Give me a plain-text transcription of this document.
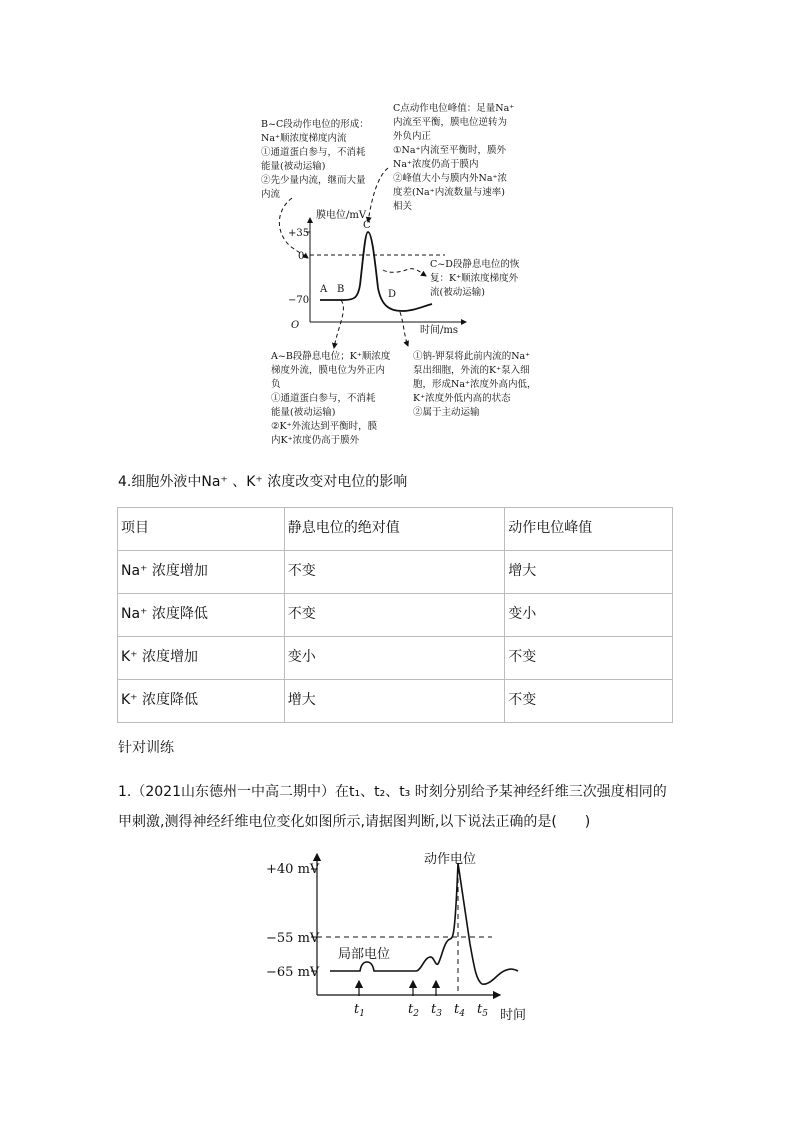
B~C段动作电位的形成：
Na⁺顺浓度梯度内流
①通道蛋白参与，不消耗
能量(被动运输)
②先少量内流，继而大量
内流
C点动作电位峰值：足量Na⁺
内流至平衡，膜电位逆转为
外负内正
①Na⁺内流至平衡时，膜外
Na⁺浓度仍高于膜内
②峰值大小与膜内外Na⁺浓
度差(Na⁺内流数量与速率)
相关
C~D段静息电位的恢
复：K⁺顺浓度梯度外
流(被动运输)
A~B段静息电位；K⁺顺浓度
梯度外流，膜电位为外正内
负
①通道蛋白参与，不消耗
能量(被动运输)
②K⁺外流达到平衡时，膜
内K⁺浓度仍高于膜外
①钠-钾泵将此前内流的Na⁺
泵出细胞，外流的K⁺泵入细
胞，形成Na⁺浓度外高内低，
K⁺浓度外低内高的状态
②属于主动运输
膜电位/mV
时间/ms
O
+35
0
−70
A B
C
D
4.细胞外液中Na⁺ 、K⁺ 浓度改变对电位的影响
项目	静息电位的绝对值	动作电位峰值
Na⁺ 浓度增加	不变	增大
Na⁺ 浓度降低	不变	变小
K⁺ 浓度增加	变小	不变
K⁺ 浓度降低	增大	不变
针对训练
1.（2021山东德州一中高二期中）在t₁、t₂、t₃ 时刻分别给予某神经纤维三次强度相同的
甲刺激,测得神经纤维电位变化如图所示,请据图判断,以下说法正确的是(　　)
+40 mV
−55 mV
−65 mV
局部电位
动作电位
时间
$t_1$	$t_2$ $t_3$ $t_4$ $t_5$
